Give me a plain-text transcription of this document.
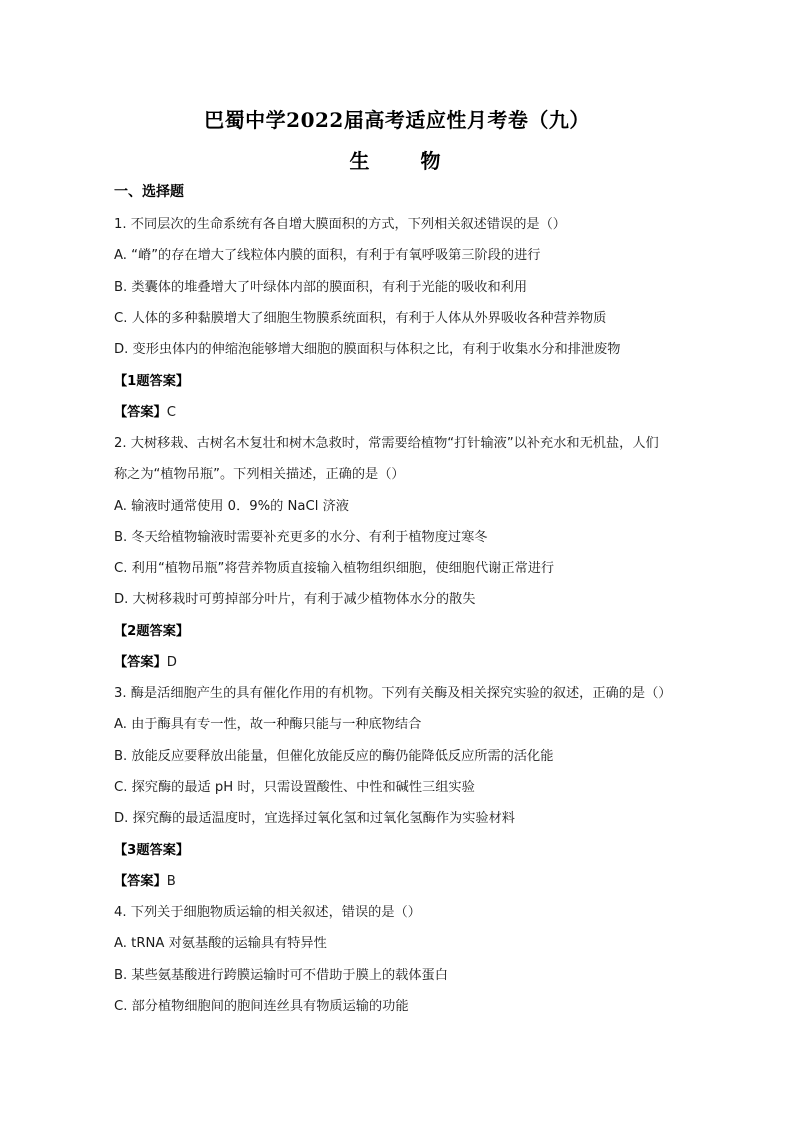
巴蜀中学2022届高考适应性月考卷（九）
生 物
一、选择题
1. 不同层次的生命系统有各自增大膜面积的方式，下列相关叙述错误的是（）
A. “嵴”的存在增大了线粒体内膜的面积，有利于有氧呼吸第三阶段的进行
B. 类囊体的堆叠增大了叶绿体内部的膜面积，有利于光能的吸收和利用
C. 人体的多种黏膜增大了细胞生物膜系统面积，有利于人体从外界吸收各种营养物质
D. 变形虫体内的伸缩泡能够增大细胞的膜面积与体积之比，有利于收集水分和排泄废物
【1题答案】
【答案】C
2. 大树移栽、古树名木复壮和树木急救时，常需要给植物“打针输液”以补充水和无机盐，人们
称之为“植物吊瓶”。下列相关描述，正确的是（）
A. 输液时通常使用 0．9%的 NaCl 济液
B. 冬天给植物输液时需要补充更多的水分、有利于植物度过寒冬
C. 利用“植物吊瓶”将营养物质直接输入植物组织细胞，使细胞代谢正常进行
D. 大树移栽时可剪掉部分叶片，有利于减少植物体水分的散失
【2题答案】
【答案】D
3. 酶是活细胞产生的具有催化作用的有机物。下列有关酶及相关探究实验的叙述，正确的是（）
A. 由于酶具有专一性，故一种酶只能与一种底物结合
B. 放能反应要释放出能量，但催化放能反应的酶仍能降低反应所需的活化能
C. 探究酶的最适 pH 时，只需设置酸性、中性和碱性三组实验
D. 探究酶的最适温度时，宜选择过氧化氢和过氧化氢酶作为实验材料
【3题答案】
【答案】B
4. 下列关于细胞物质运输的相关叙述，错误的是（）
A. tRNA 对氨基酸的运输具有特异性
B. 某些氨基酸进行跨膜运输时可不借助于膜上的载体蛋白
C. 部分植物细胞间的胞间连丝具有物质运输的功能
